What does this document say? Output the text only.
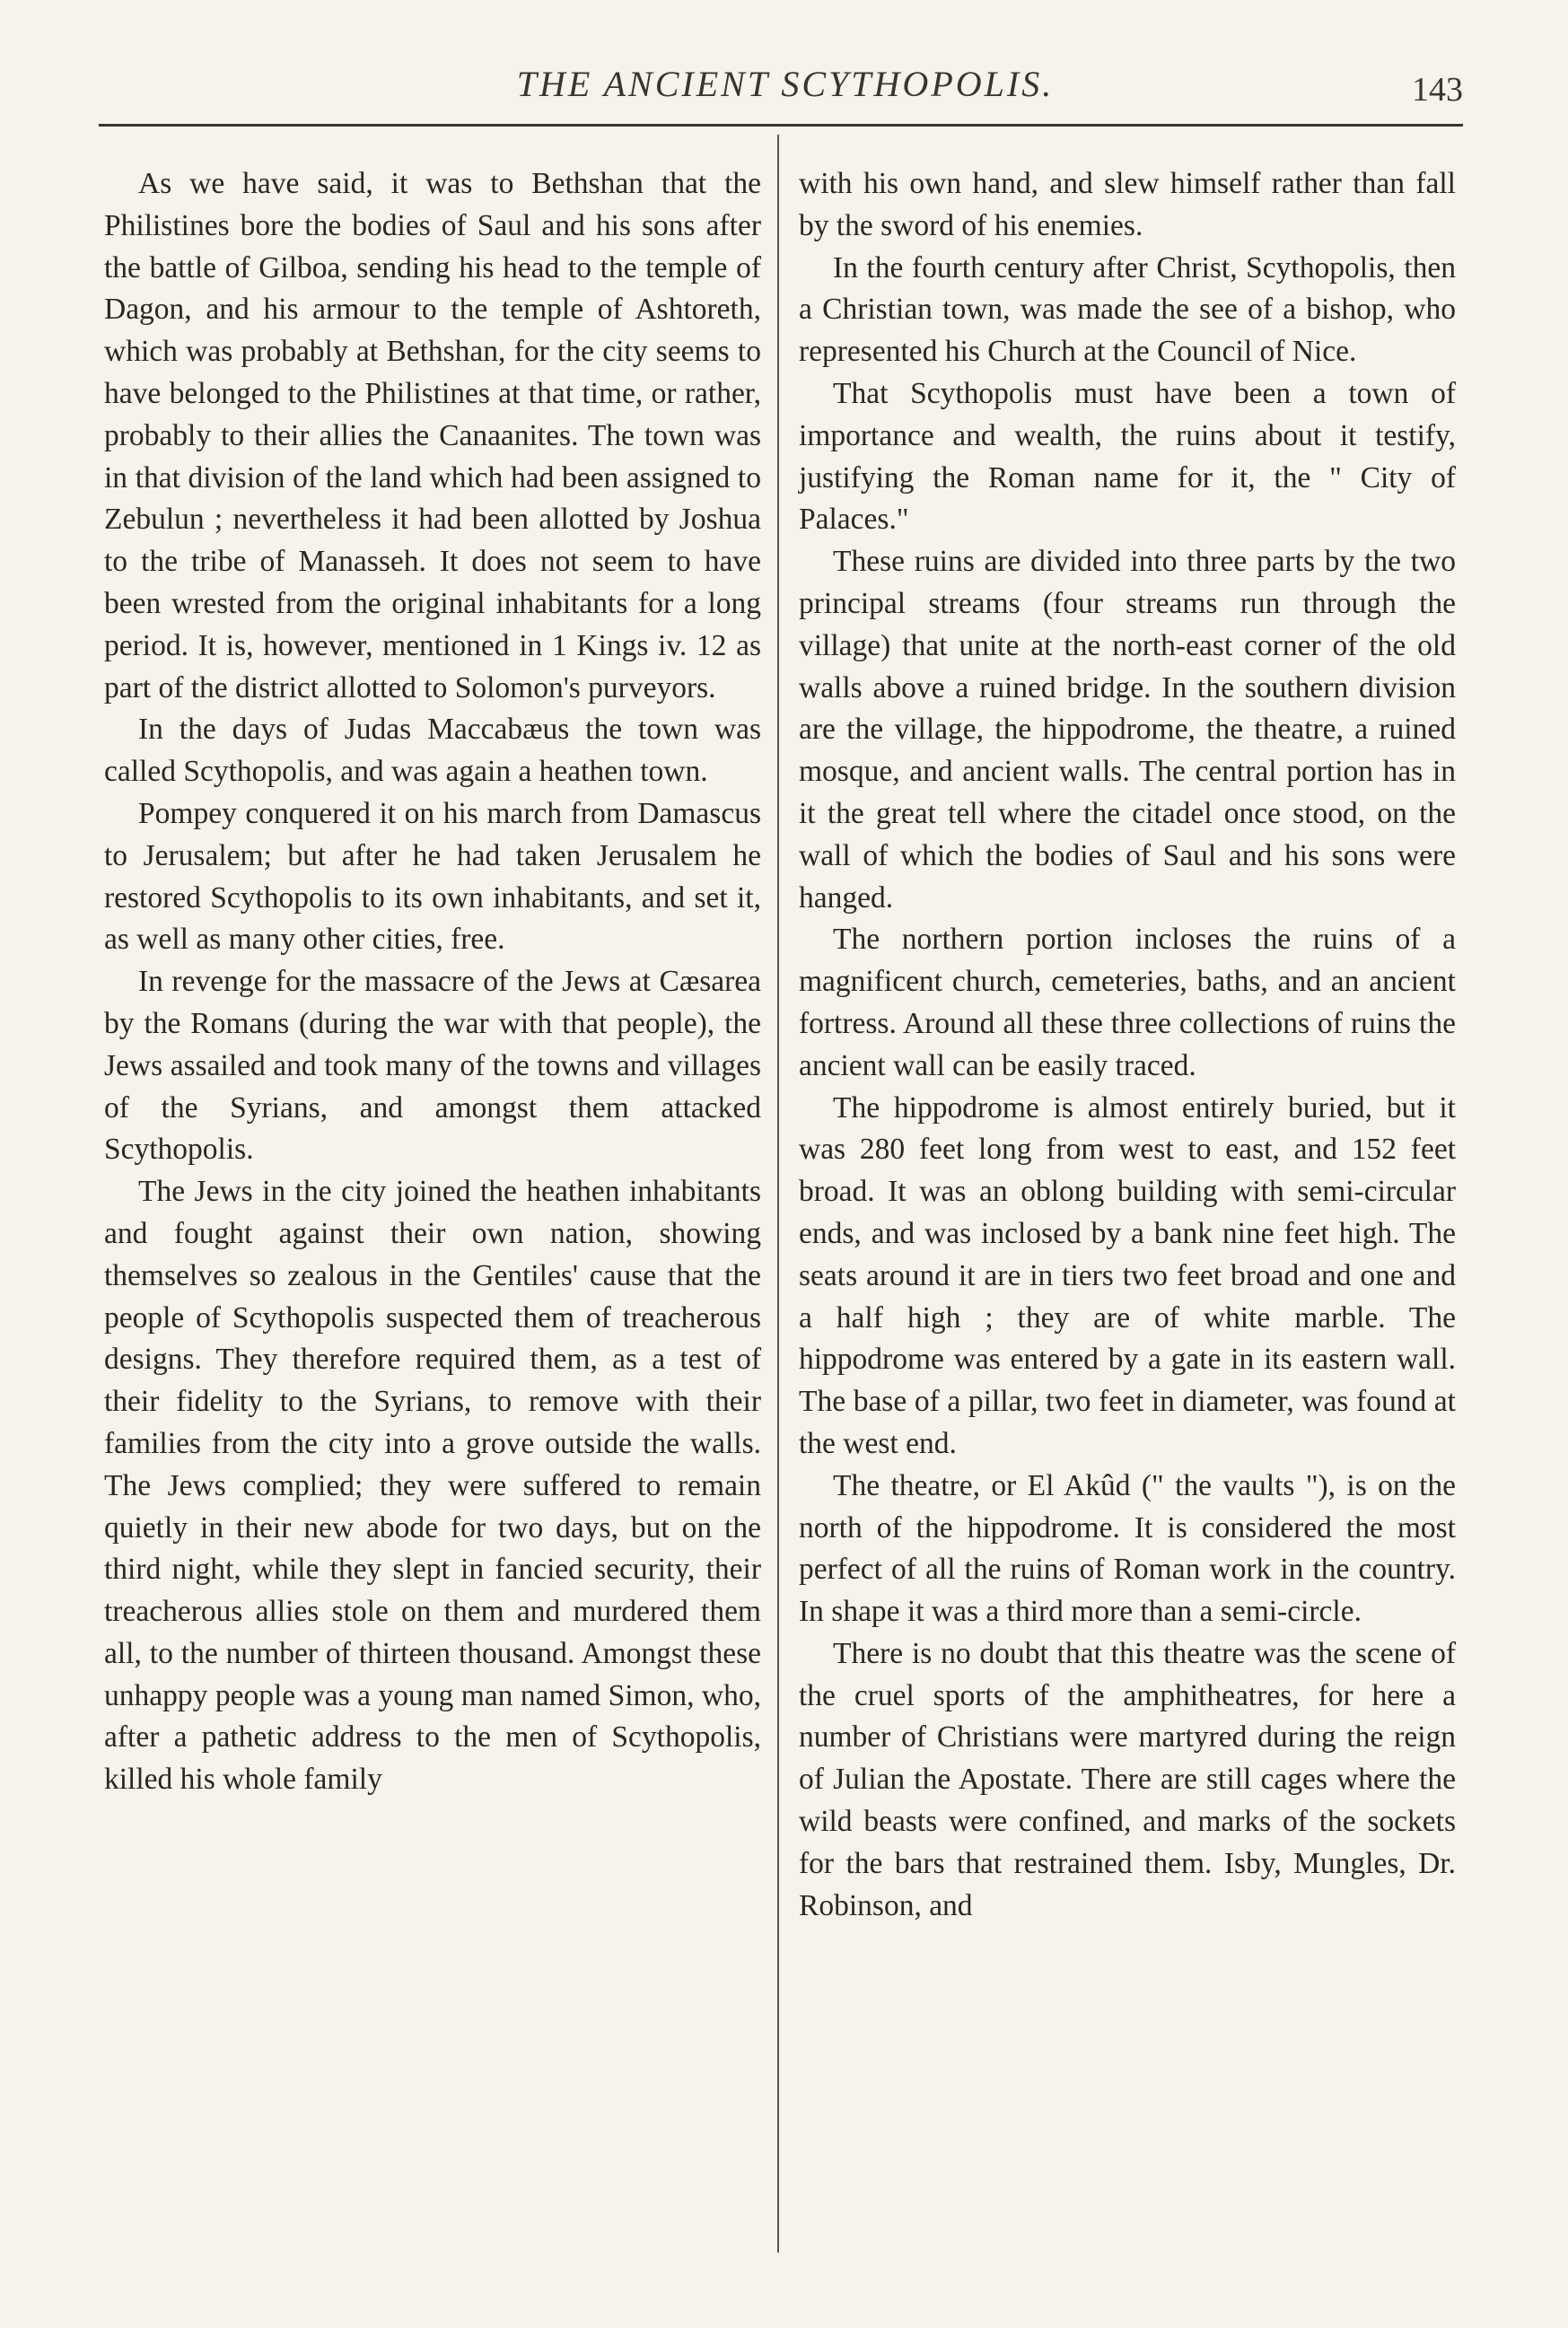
THE ANCIENT SCYTHOPOLIS.	143

As we have said, it was to Bethshan that the Philistines bore the bodies of Saul and his sons after the battle of Gilboa, sending his head to the temple of Dagon, and his armour to the temple of Ashtoreth, which was probably at Bethshan, for the city seems to have belonged to the Philistines at that time, or rather, probably to their allies the Canaanites. The town was in that division of the land which had been assigned to Zebulun ; nevertheless it had been allotted by Joshua to the tribe of Manasseh. It does not seem to have been wrested from the original inhabitants for a long period. It is, however, mentioned in 1 Kings iv. 12 as part of the district allotted to Solomon's purveyors.

In the days of Judas Maccabæus the town was called Scythopolis, and was again a heathen town.

Pompey conquered it on his march from Damascus to Jerusalem; but after he had taken Jerusalem he restored Scythopolis to its own inhabitants, and set it, as well as many other cities, free.

In revenge for the massacre of the Jews at Cæsarea by the Romans (during the war with that people), the Jews assailed and took many of the towns and villages of the Syrians, and amongst them attacked Scythopolis.

The Jews in the city joined the heathen inhabitants and fought against their own nation, showing themselves so zealous in the Gentiles' cause that the people of Scythopolis suspected them of treacherous designs. They therefore required them, as a test of their fidelity to the Syrians, to remove with their families from the city into a grove outside the walls. The Jews complied; they were suffered to remain quietly in their new abode for two days, but on the third night, while they slept in fancied security, their treacherous allies stole on them and murdered them all, to the number of thirteen thousand. Amongst these unhappy people was a young man named Simon, who, after a pathetic address to the men of Scythopolis, killed his whole family

with his own hand, and slew himself rather than fall by the sword of his enemies.

In the fourth century after Christ, Scythopolis, then a Christian town, was made the see of a bishop, who represented his Church at the Council of Nice.

That Scythopolis must have been a town of importance and wealth, the ruins about it testify, justifying the Roman name for it, the " City of Palaces."

These ruins are divided into three parts by the two principal streams (four streams run through the village) that unite at the north-east corner of the old walls above a ruined bridge. In the southern division are the village, the hippodrome, the theatre, a ruined mosque, and ancient walls. The central portion has in it the great tell where the citadel once stood, on the wall of which the bodies of Saul and his sons were hanged.

The northern portion incloses the ruins of a magnificent church, cemeteries, baths, and an ancient fortress. Around all these three collections of ruins the ancient wall can be easily traced.

The hippodrome is almost entirely buried, but it was 280 feet long from west to east, and 152 feet broad. It was an oblong building with semi-circular ends, and was inclosed by a bank nine feet high. The seats around it are in tiers two feet broad and one and a half high ; they are of white marble. The hippodrome was entered by a gate in its eastern wall. The base of a pillar, two feet in diameter, was found at the west end.

The theatre, or El Akûd (" the vaults "), is on the north of the hippodrome. It is considered the most perfect of all the ruins of Roman work in the country. In shape it was a third more than a semi-circle.

There is no doubt that this theatre was the scene of the cruel sports of the amphitheatres, for here a number of Christians were martyred during the reign of Julian the Apostate. There are still cages where the wild beasts were confined, and marks of the sockets for the bars that restrained them. Isby, Mungles, Dr. Robinson, and
